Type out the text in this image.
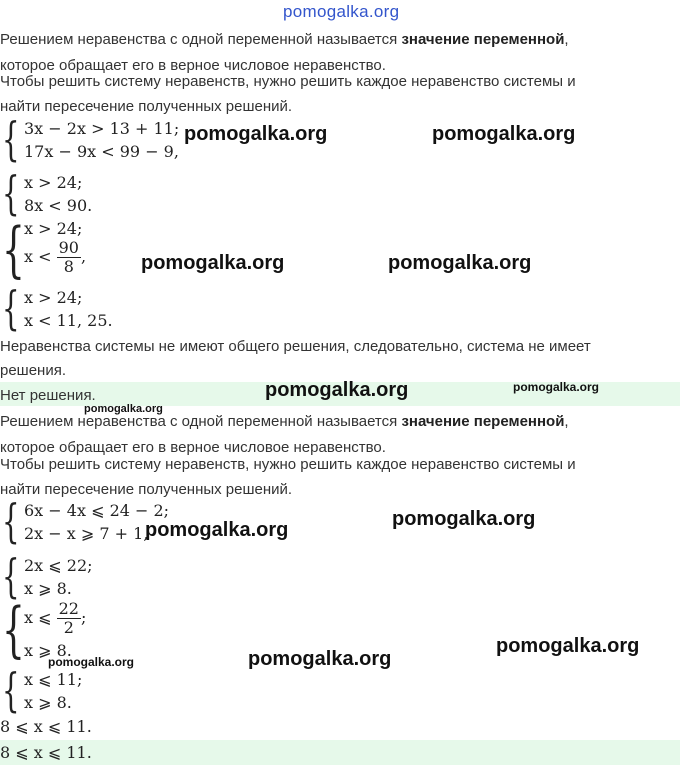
pomogalka.org
Решением неравенства с одной переменной называется значение переменной,
которое обращает его в верное числовое неравенство.
Чтобы решить систему неравенств, нужно решить каждое неравенство системы и
найти пересечение полученных решений.
{ 3x − 2x > 13 + 11;
17x − 9x < 99 − 9,
{ x > 24;
8x < 90.
{ x > 24;
$x < \frac{90}{8}$ ,
{ x > 24;
x < 11, 25.
Неравенства системы не имеют общего решения, следовательно, система не имеет
решения.
Нет решения.
Решением неравенства с одной переменной называется значение переменной,
которое обращает его в верное числовое неравенство.
Чтобы решить систему неравенств, нужно решить каждое неравенство системы и
найти пересечение полученных решений.
{ 6x − 4x ⩽ 24 − 2;
2x − x ⩾ 7 + 1,
{ 2x ⩽ 22;
x ⩾ 8.
{ x ⩽ $\frac{22}{2}$ ;
x ⩾ 8.
{ x ⩽ 11;
x ⩾ 8.
8 ⩽ x ⩽ 11.
8 ⩽ x ⩽ 11.
pomogalka.org	pomogalka.org
pomogalka.org	pomogalka.org
pomogalka.org	pomogalka.org
pomogalka.org
pomogalka.org
pomogalka.org
pomogalka.org
pomogalka.org
pomogalka.org
